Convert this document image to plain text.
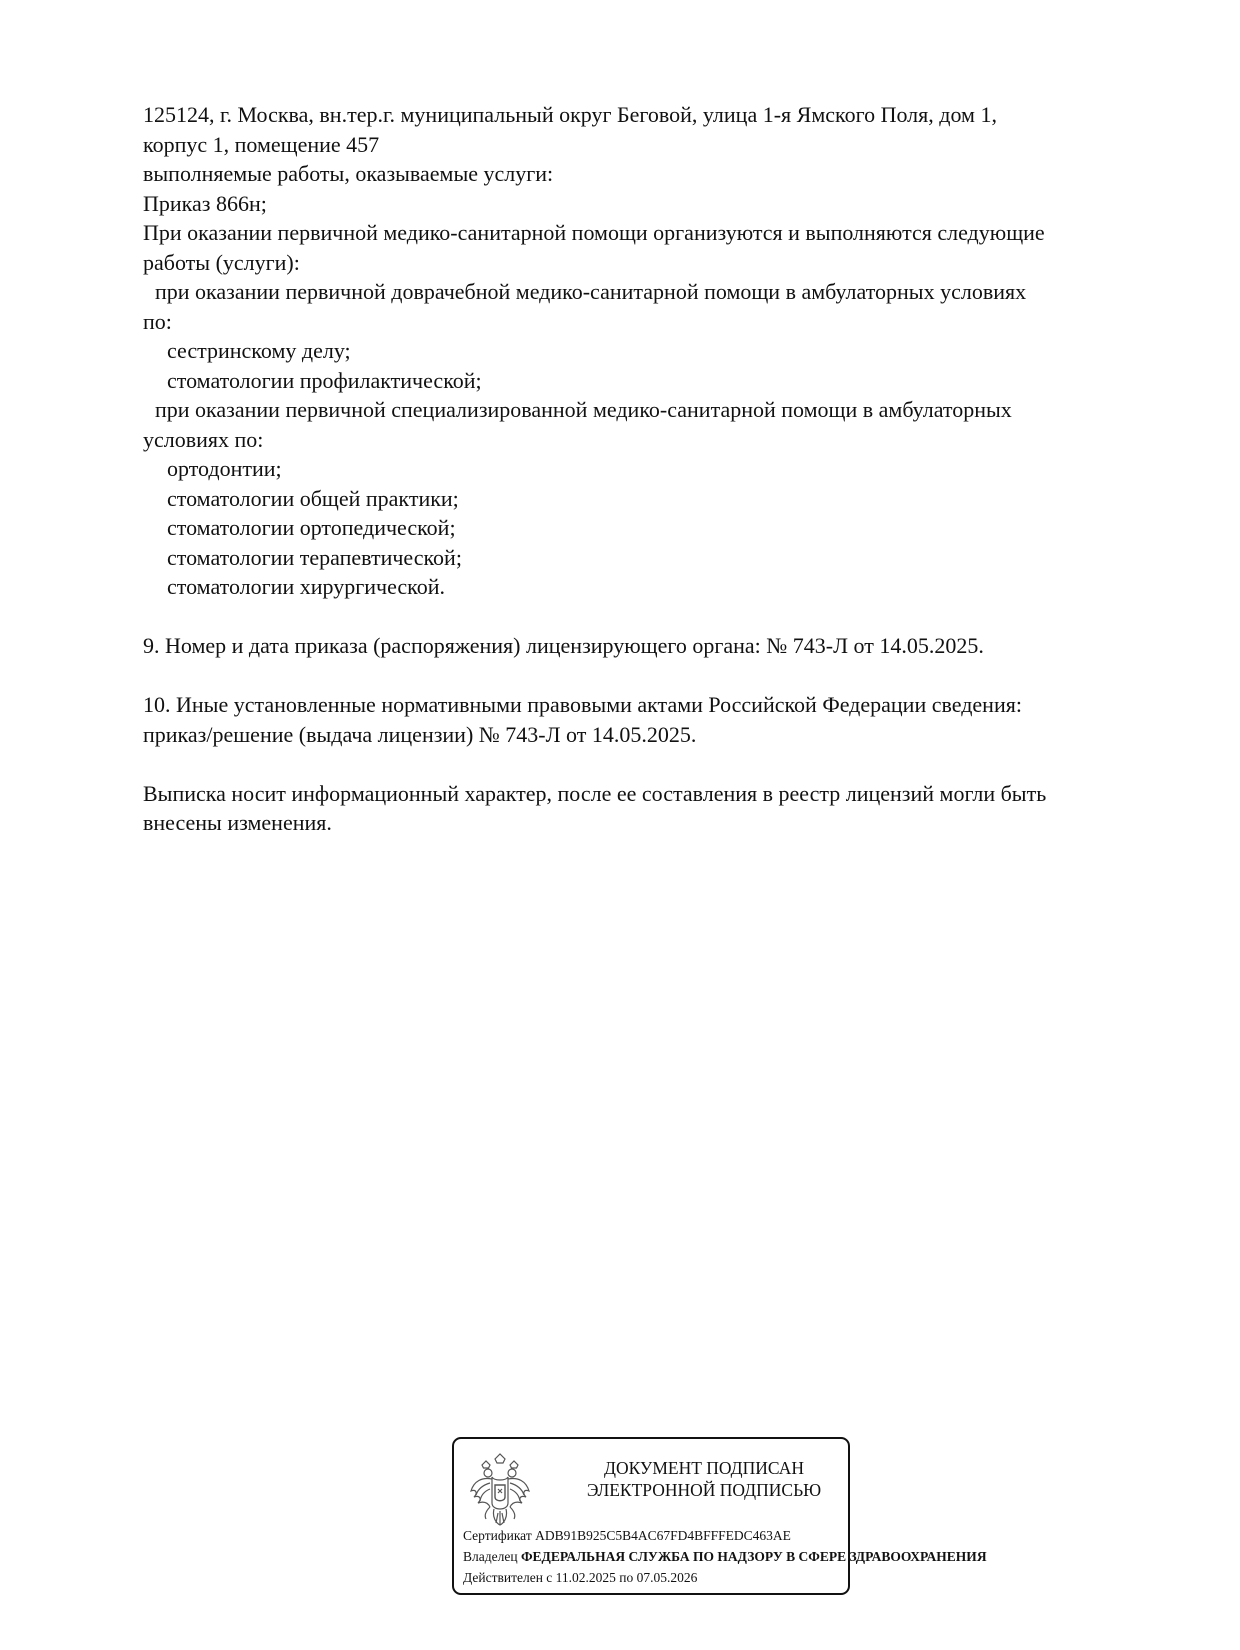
125124, г. Москва, вн.тер.г. муниципальный округ Беговой, улица 1-я Ямского Поля, дом 1,
корпус 1, помещение 457
выполняемые работы, оказываемые услуги:
Приказ 866н;
При оказании первичной медико-санитарной помощи организуются и выполняются следующие
работы (услуги):
при оказании первичной доврачебной медико-санитарной помощи в амбулаторных условиях
по:
сестринскому делу;
стоматологии профилактической;
при оказании первичной специализированной медико-санитарной помощи в амбулаторных
условиях по:
ортодонтии;
стоматологии общей практики;
стоматологии ортопедической;
стоматологии терапевтической;
стоматологии хирургической.
9. Номер и дата приказа (распоряжения) лицензирующего органа: № 743-Л от 14.05.2025.
10. Иные установленные нормативными правовыми актами Российской Федерации сведения:
приказ/решение (выдача лицензии) № 743-Л от 14.05.2025.
Выписка носит информационный характер, после ее составления в реестр лицензий могли быть
внесены изменения.
ДОКУМЕНТ ПОДПИСАН
ЭЛЕКТРОННОЙ ПОДПИСЬЮ
Сертификат ADB91B925C5B4AC67FD4BFFFEDC463AE
Владелец ФЕДЕРАЛЬНАЯ СЛУЖБА ПО НАДЗОРУ В СФЕРЕ ЗДРАВООХРАНЕНИЯ
Действителен с 11.02.2025 по 07.05.2026
